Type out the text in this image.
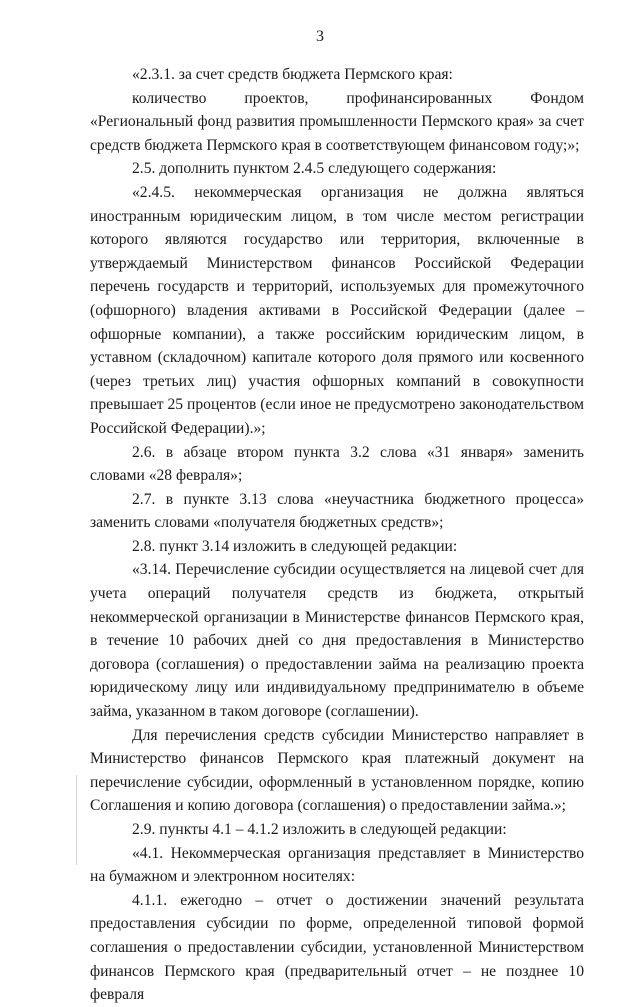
3

«2.3.1. за счет средств бюджета Пермского края:

количество проектов, профинансированных Фондом «Региональный фонд развития промышленности Пермского края» за счет средств бюджета Пермского края в соответствующем финансовом году;»;

2.5. дополнить пунктом 2.4.5 следующего содержания:

«2.4.5. некоммерческая организация не должна являться иностранным юридическим лицом, в том числе местом регистрации которого являются государство или территория, включенные в утверждаемый Министерством финансов Российской Федерации перечень государств и территорий, используемых для промежуточного (офшорного) владения активами в Российской Федерации (далее – офшорные компании), а также российским юридическим лицом, в уставном (складочном) капитале которого доля прямого или косвенного (через третьих лиц) участия офшорных компаний в совокупности превышает 25 процентов (если иное не предусмотрено законодательством Российской Федерации).»;

2.6. в абзаце втором пункта 3.2 слова «31 января» заменить словами «28 февраля»;

2.7. в пункте 3.13 слова «неучастника бюджетного процесса» заменить словами «получателя бюджетных средств»;

2.8. пункт 3.14 изложить в следующей редакции:

«3.14. Перечисление субсидии осуществляется на лицевой счет для учета операций получателя средств из бюджета, открытый некоммерческой организации в Министерстве финансов Пермского края, в течение 10 рабочих дней со дня предоставления в Министерство договора (соглашения) о предоставлении займа на реализацию проекта юридическому лицу или индивидуальному предпринимателю в объеме займа, указанном в таком договоре (соглашении).

Для перечисления средств субсидии Министерство направляет в Министерство финансов Пермского края платежный документ на перечисление субсидии, оформленный в установленном порядке, копию Соглашения и копию договора (соглашения) о предоставлении займа.»;

2.9. пункты 4.1 – 4.1.2 изложить в следующей редакции:

«4.1. Некоммерческая организация представляет в Министерство на бумажном и электронном носителях:

4.1.1. ежегодно – отчет о достижении значений результата предоставления субсидии по форме, определенной типовой формой соглашения о предоставлении субсидии, установленной Министерством финансов Пермского края (предварительный отчет – не позднее 10 февраля
